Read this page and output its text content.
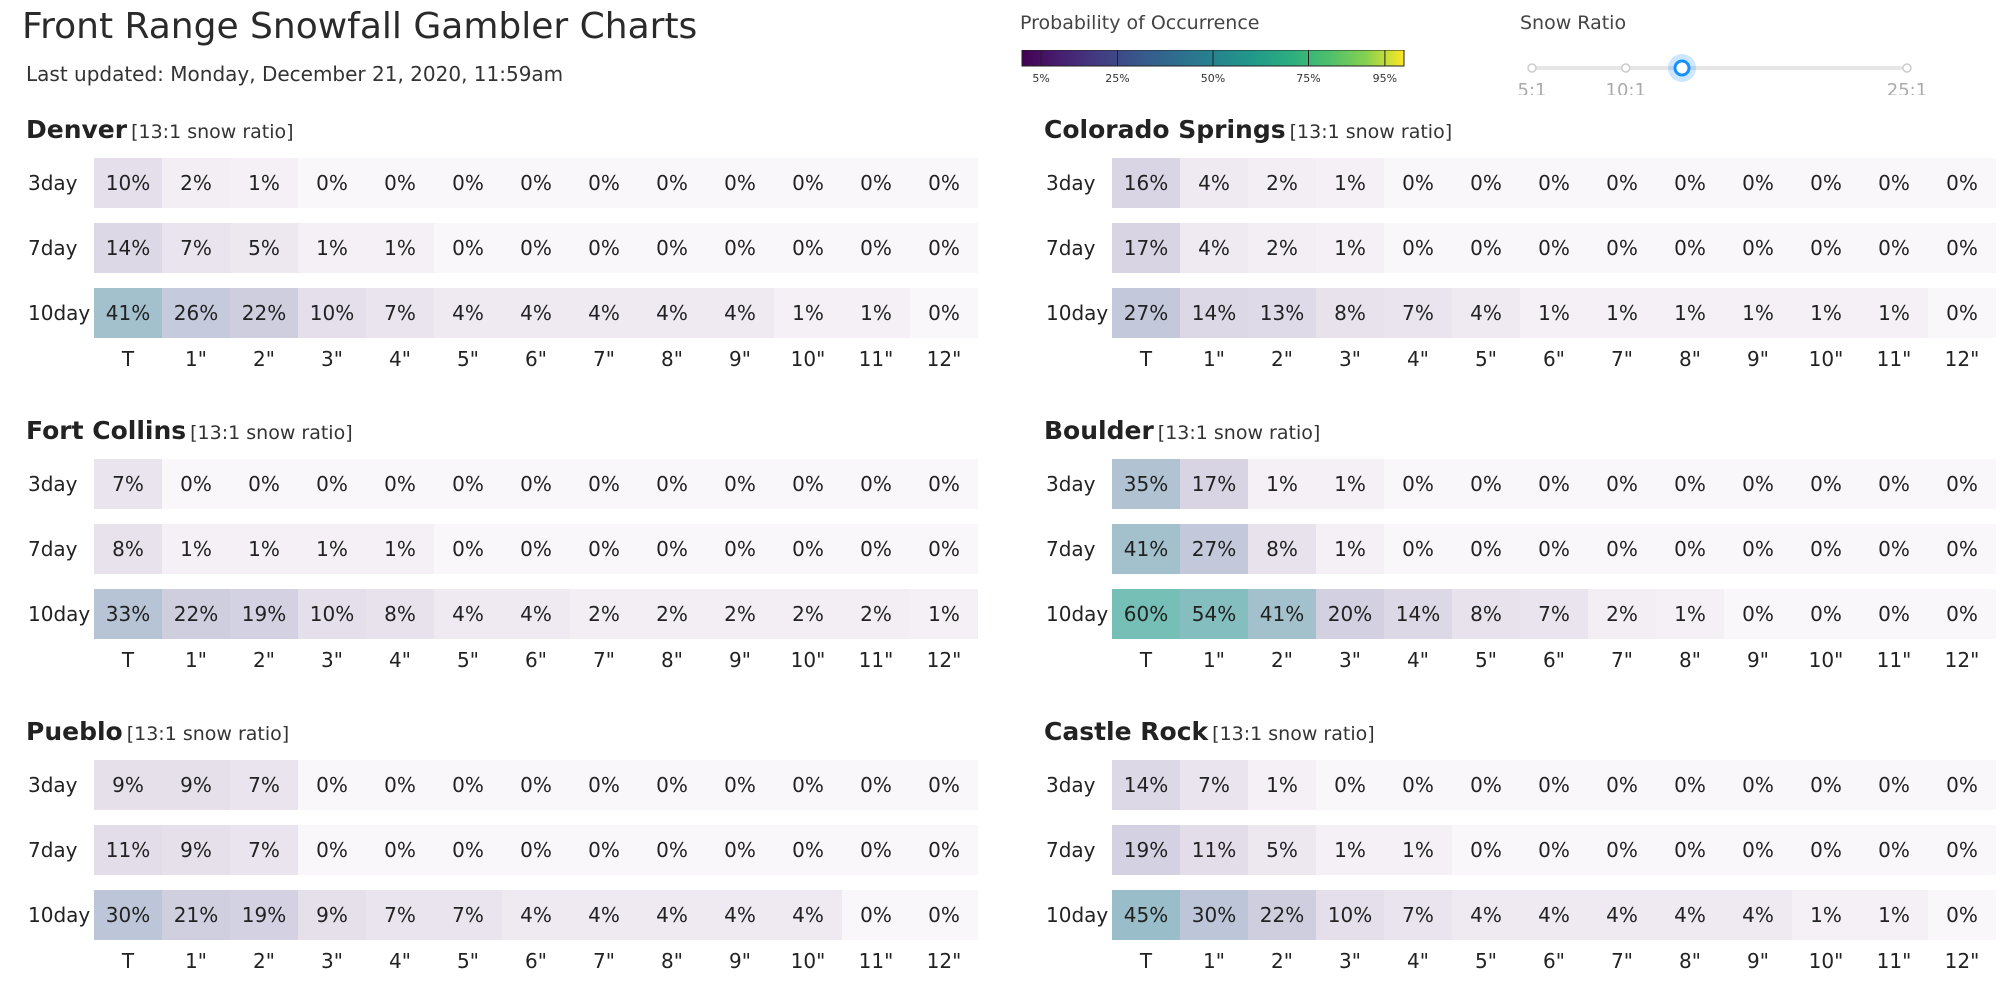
Front Range Snowfall Gambler Charts
Last updated: Monday, December 21, 2020, 11:59am
Probability of Occurrence
5%	25%	50%	75%	95%
Snow Ratio
5:1	10:1	25:1
Denver [13:1 snow ratio]
3day	10%	2%	1%	0%	0%	0%	0%	0%	0%	0%	0%	0%	0%
7day	14%	7%	5%	1%	1%	0%	0%	0%	0%	0%	0%	0%	0%
10day 41%	26%	22%	10%	7%	4%	4%	4%	4%	4%	1%	1%	0%
T	1"	2"	3"	4"	5"	6"	7"	8"	9"	10"	11"	12"
Colorado Springs [13:1 snow ratio]
3day	16%	4%	2%	1%	0%	0%	0%	0%	0%	0%	0%	0%	0%
7day	17%	4%	2%	1%	0%	0%	0%	0%	0%	0%	0%	0%	0%
10day 27%	14%	13%	8%	7%	4%	1%	1%	1%	1%	1%	1%	0%
T	1"	2"	3"	4"	5"	6"	7"	8"	9"	10"	11"	12"
Fort Collins [13:1 snow ratio]
3day	7%	0%	0%	0%	0%	0%	0%	0%	0%	0%	0%	0%	0%
7day	8%	1%	1%	1%	1%	0%	0%	0%	0%	0%	0%	0%	0%
10day 33%	22%	19%	10%	8%	4%	4%	2%	2%	2%	2%	2%	1%
T	1"	2"	3"	4"	5"	6"	7"	8"	9"	10"	11"	12"
Boulder [13:1 snow ratio]
3day	35%	17%	1%	1%	0%	0%	0%	0%	0%	0%	0%	0%	0%
7day	41%	27%	8%	1%	0%	0%	0%	0%	0%	0%	0%	0%	0%
10day 60%	54%	41%	20%	14%	8%	7%	2%	1%	0%	0%	0%	0%
T	1"	2"	3"	4"	5"	6"	7"	8"	9"	10"	11"	12"
Pueblo [13:1 snow ratio]
3day	9%	9%	7%	0%	0%	0%	0%	0%	0%	0%	0%	0%	0%
7day	11%	9%	7%	0%	0%	0%	0%	0%	0%	0%	0%	0%	0%
10day 30%	21%	19%	9%	7%	7%	4%	4%	4%	4%	4%	0%	0%
T	1"	2"	3"	4"	5"	6"	7"	8"	9"	10"	11"	12"
Castle Rock [13:1 snow ratio]
3day	14%	7%	1%	0%	0%	0%	0%	0%	0%	0%	0%	0%	0%
7day	19%	11%	5%	1%	1%	0%	0%	0%	0%	0%	0%	0%	0%
10day 45%	30%	22%	10%	7%	4%	4%	4%	4%	4%	1%	1%	0%
T	1"	2"	3"	4"	5"	6"	7"	8"	9"	10"	11"	12"
